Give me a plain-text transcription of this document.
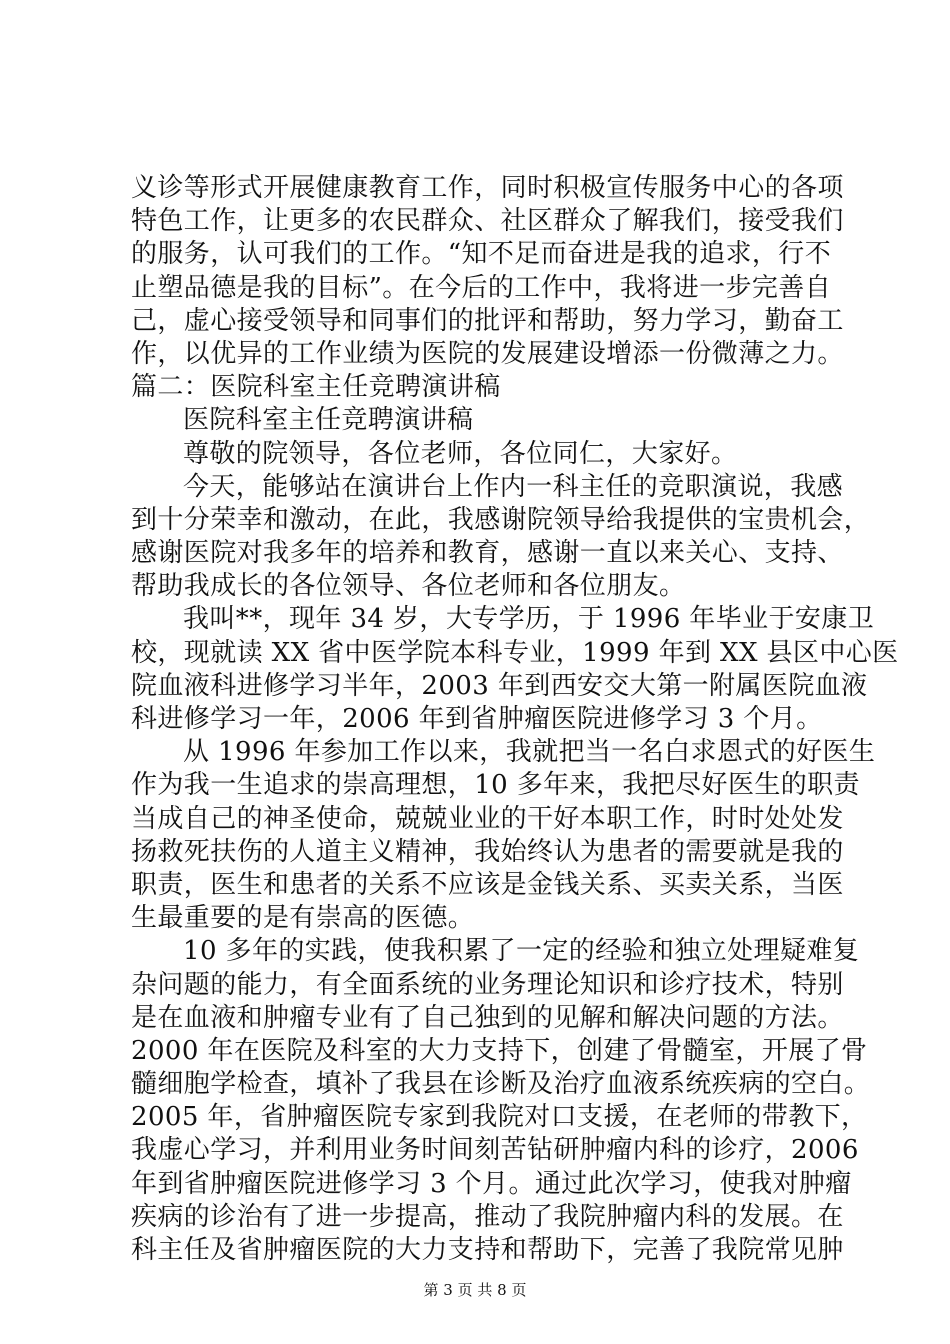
义诊等形式开展健康教育工作，同时积极宣传服务中心的各项
特色工作，让更多的农民群众、社区群众了解我们，接受我们
的服务，认可我们的工作。“知不足而奋进是我的追求，行不
止塑品德是我的目标”。在今后的工作中，我将进一步完善自
己，虚心接受领导和同事们的批评和帮助，努力学习，勤奋工
作，以优异的工作业绩为医院的发展建设增添一份微薄之力。
篇二：医院科室主任竞聘演讲稿
医院科室主任竞聘演讲稿
尊敬的院领导，各位老师，各位同仁，大家好。
今天，能够站在演讲台上作内一科主任的竞职演说，我感
到十分荣幸和激动，在此，我感谢院领导给我提供的宝贵机会，
感谢医院对我多年的培养和教育，感谢一直以来关心、支持、
帮助我成长的各位领导、各位老师和各位朋友。
我叫**，现年 34 岁，大专学历，于 1996 年毕业于安康卫
校，现就读 XX 省中医学院本科专业，1999 年到 XX 县区中心医
院血液科进修学习半年，2003 年到西安交大第一附属医院血液
科进修学习一年，2006 年到省肿瘤医院进修学习 3 个月。
从 1996 年参加工作以来，我就把当一名白求恩式的好医生
作为我一生追求的崇高理想，10 多年来，我把尽好医生的职责
当成自己的神圣使命，兢兢业业的干好本职工作，时时处处发
扬救死扶伤的人道主义精神，我始终认为患者的需要就是我的
职责，医生和患者的关系不应该是金钱关系、买卖关系，当医
生最重要的是有崇高的医德。
10 多年的实践，使我积累了一定的经验和独立处理疑难复
杂问题的能力，有全面系统的业务理论知识和诊疗技术，特别
是在血液和肿瘤专业有了自己独到的见解和解决问题的方法。
2000 年在医院及科室的大力支持下，创建了骨髓室，开展了骨
髓细胞学检查，填补了我县在诊断及治疗血液系统疾病的空白。
2005 年，省肿瘤医院专家到我院对口支援，在老师的带教下，
我虚心学习，并利用业务时间刻苦钻研肿瘤内科的诊疗，2006
年到省肿瘤医院进修学习 3 个月。通过此次学习，使我对肿瘤
疾病的诊治有了进一步提高，推动了我院肿瘤内科的发展。在
科主任及省肿瘤医院的大力支持和帮助下，完善了我院常见肿
第 3 页 共 8 页
